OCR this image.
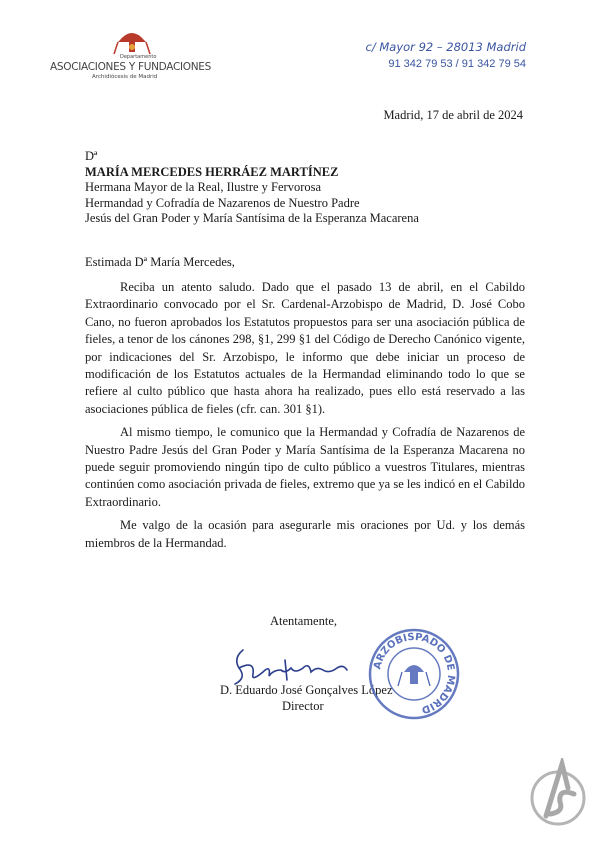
Departamento
ASOCIACIONES Y FUNDACIONES
Archidiócesis de Madrid
c/ Mayor 92 – 28013 Madrid
91 342 79 53 / 91 342 79 54
Madrid, 17 de abril de 2024
Dª
MARÍA MERCEDES HERRÁEZ MARTÍNEZ
Hermana Mayor de la Real, Ilustre y Fervorosa
Hermandad y Cofradía de Nazarenos de Nuestro Padre
Jesús del Gran Poder y María Santísima de la Esperanza Macarena
Estimada Dª María Mercedes,

Reciba un atento saludo. Dado que el pasado 13 de abril, en el Cabildo Extraordinario convocado por el Sr. Cardenal-Arzobispo de Madrid, D. José Cobo Cano, no fueron aprobados los Estatutos propuestos para ser una asociación pública de fieles, a tenor de los cánones 298, §1, 299 §1 del Código de Derecho Canónico vigente, por indicaciones del Sr. Arzobispo, le informo que debe iniciar un proceso de modificación de los Estatutos actuales de la Hermandad eliminando todo lo que se refiere al culto público que hasta ahora ha realizado, pues ello está reservado a las asociaciones pública de fieles (cfr. can. 301 §1).

Al mismo tiempo, le comunico que la Hermandad y Cofradía de Nazarenos de Nuestro Padre Jesús del Gran Poder y María Santísima de la Esperanza Macarena no puede seguir promoviendo ningún tipo de culto público a vuestros Titulares, mientras continúen como asociación privada de fieles, extremo que ya se les indicó en el Cabildo Extraordinario.

Me valgo de la ocasión para asegurarle mis oraciones por Ud. y los demás miembros de la Hermandad.

Atentamente,
D. Eduardo José Gonçalves López
Director
ARZOBISPADO DE MADRID
